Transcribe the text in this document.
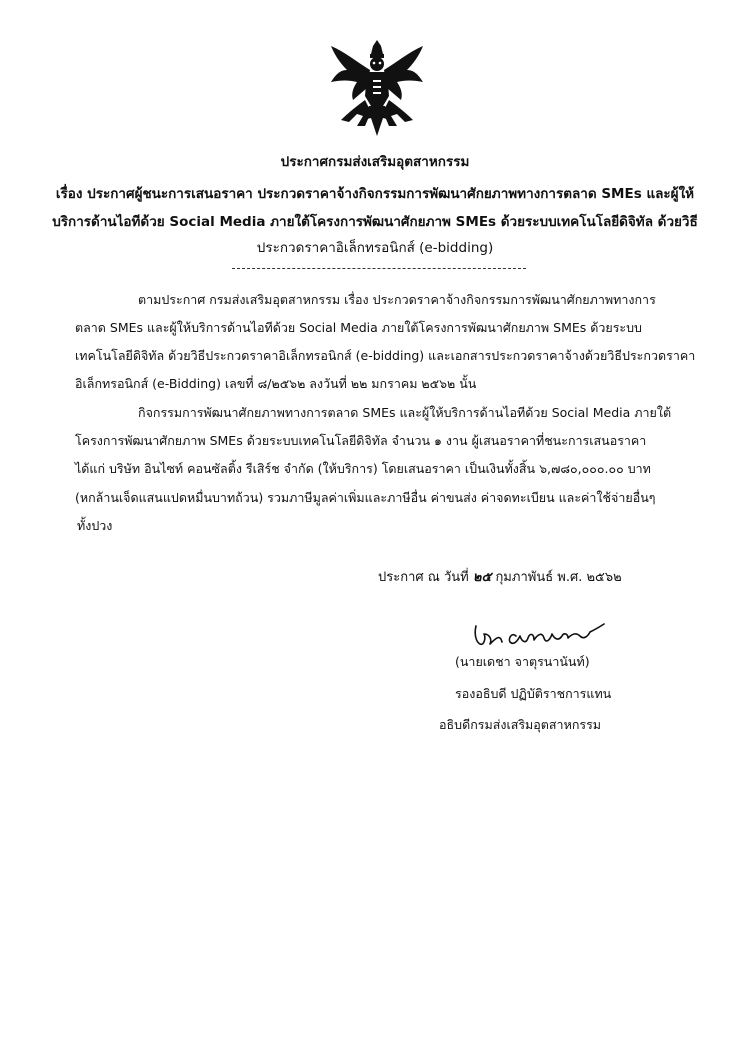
ประกาศกรมส่งเสริมอุตสาหกรรม
เรื่อง ประกาศผู้ชนะการเสนอราคา ประกวดราคาจ้างกิจกรรมการพัฒนาศักยภาพทางการตลาด SMEs และผู้ให้
บริการด้านไอทีด้วย Social Media ภายใต้โครงการพัฒนาศักยภาพ SMEs ด้วยระบบเทคโนโลยีดิจิทัล ด้วยวิธี
ประกวดราคาอิเล็กทรอนิกส์ (e-bidding)
ตามประกาศ กรมส่งเสริมอุตสาหกรรม เรื่อง ประกวดราคาจ้างกิจกรรมการพัฒนาศักยภาพทางการ
ตลาด SMEs และผู้ให้บริการด้านไอทีด้วย Social Media ภายใต้โครงการพัฒนาศักยภาพ SMEs ด้วยระบบ
เทคโนโลยีดิจิทัล ด้วยวิธีประกวดราคาอิเล็กทรอนิกส์ (e-bidding) และเอกสารประกวดราคาจ้างด้วยวิธีประกวดราคา
อิเล็กทรอนิกส์ (e-Bidding) เลขที่ ๘/๒๕๖๒ ลงวันที่ ๒๒ มกราคม ๒๕๖๒ นั้น
กิจกรรมการพัฒนาศักยภาพทางการตลาด SMEs และผู้ให้บริการด้านไอทีด้วย Social Media ภายใต้
โครงการพัฒนาศักยภาพ SMEs ด้วยระบบเทคโนโลยีดิจิทัล จำนวน ๑ งาน ผู้เสนอราคาที่ชนะการเสนอราคา
ได้แก่ บริษัท อินไซท์ คอนซัลติ้ง รีเสิร์ช จำกัด (ให้บริการ) โดยเสนอราคา เป็นเงินทั้งสิ้น ๖,๗๘๐,๐๐๐.๐๐ บาท
(หกล้านเจ็ดแสนแปดหมื่นบาทถ้วน) รวมภาษีมูลค่าเพิ่มและภาษีอื่น ค่าขนส่ง ค่าจดทะเบียน และค่าใช้จ่ายอื่นๆ
ทั้งปวง
ประกาศ ณ วันที่ ๒๕ กุมภาพันธ์ พ.ศ. ๒๕๖๒
(นายเดชา จาตุรนานันท์)
รองอธิบดี ปฏิบัติราชการแทน
อธิบดีกรมส่งเสริมอุตสาหกรรม
